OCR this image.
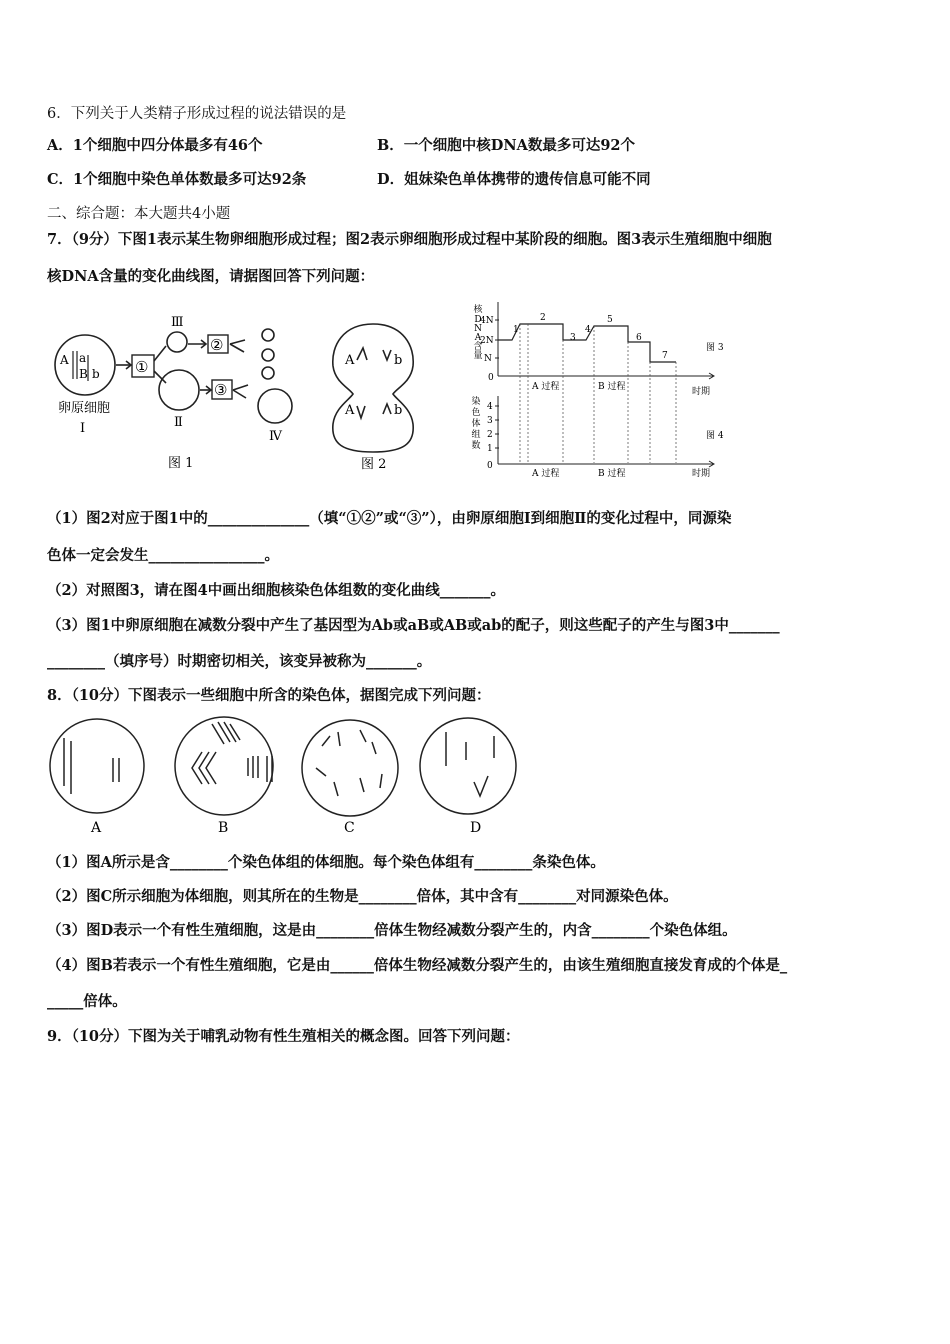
6．下列关于人类精子形成过程的说法错误的是
A．1个细胞中四分体最多有46个	B．一个细胞中核DNA数最多可达92个
C．1个细胞中染色单体数最多可达92条	D．姐妹染色单体携带的遗传信息可能不同
二、综合题：本大题共4小题
7．（9分）下图1表示某生物卵细胞形成过程；图2表示卵细胞形成过程中某阶段的细胞。图3表示生殖细胞中细胞
核DNA含量的变化曲线图，请据图回答下列问题：
A a
B b ①
②
③
Ⅲ
Ⅱ
Ⅳ
卵原细胞
Ⅰ
图 1
A	b
A	b
图 2
核
D
N
A
含
量
4N
2N
N
0
1
2
3
4
5
6
7
A 过程	B 过程	时期
图 3
染
色
体
组
数
4
3
2
1
0
A 过程	B 过程	时期
图 4
（1）图2对应于图1中的______________（填“①②”或“③”），由卵原细胞Ⅰ到细胞Ⅱ的变化过程中，同源染
色体一定会发生________________。
（2）对照图3，请在图4中画出细胞核染色体组数的变化曲线_______。
（3）图1中卵原细胞在减数分裂中产生了基因型为Ab或aB或AB或ab的配子，则这些配子的产生与图3中_______
________（填序号）时期密切相关，该变异被称为_______。
8．（10分）下图表示一些细胞中所含的染色体，据图完成下列问题：
A	B	C	D
（1）图A所示是含________个染色体组的体细胞。每个染色体组有________条染色体。
（2）图C所示细胞为体细胞，则其所在的生物是________倍体，其中含有________对同源染色体。
（3）图D表示一个有性生殖细胞，这是由________倍体生物经减数分裂产生的，内含________个染色体组。
（4）图B若表示一个有性生殖细胞，它是由______倍体生物经减数分裂产生的，由该生殖细胞直接发育成的个体是_
_____倍体。
9．（10分）下图为关于哺乳动物有性生殖相关的概念图。回答下列问题：
